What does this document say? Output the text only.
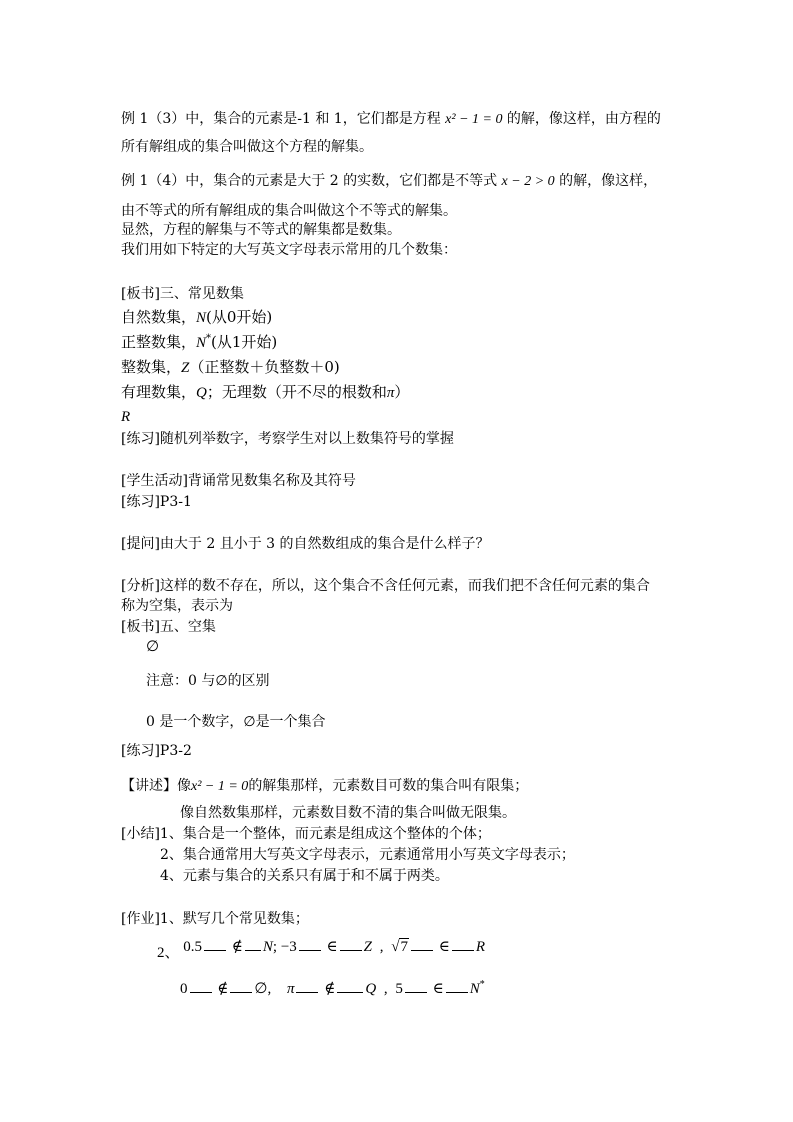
例 1（3）中，集合的元素是-1 和 1，它们都是方程 x² − 1 = 0 的解，像这样，由方程的
所有解组成的集合叫做这个方程的解集。
例 1（4）中，集合的元素是大于 2 的实数，它们都是不等式 x − 2 > 0 的解，像这样，
由不等式的所有解组成的集合叫做这个不等式的解集。
显然，方程的解集与不等式的解集都是数集。
我们用如下特定的大写英文字母表示常用的几个数集：
[板书]三、常见数集
自然数集，N(从0开始)
正整数集，N*(从1开始)
整数集，Z（正整数＋负整数＋0)
有理数集，Q；无理数（开不尽的根数和π）
R
[练习]随机列举数字，考察学生对以上数集符号的掌握
[学生活动]背诵常见数集名称及其符号
[练习]P3-1
[提问]由大于 2 且小于 3 的自然数组成的集合是什么样子？
[分析]这样的数不存在，所以，这个集合不含任何元素，而我们把不含任何元素的集合
称为空集，表示为
[板书]五、空集
∅
注意：0 与∅的区别
0 是一个数字，∅是一个集合
[练习]P3-2
【讲述】像x² − 1 = 0的解集那样，元素数目可数的集合叫有限集；
像自然数集那样，元素数目数不清的集合叫做无限集。
[小结]1、集合是一个整体，而元素是组成这个整体的个体；
2、集合通常用大写英文字母表示，元素通常用小写英文字母表示；
4、元素与集合的关系只有属于和不属于两类。
[作业]1、默写几个常见数集；
2、 0.5 ∉ N; −3 ∈ Z , √7 ∈ R
0 ∉ ∅, π ∉ Q , 5 ∈ N*
